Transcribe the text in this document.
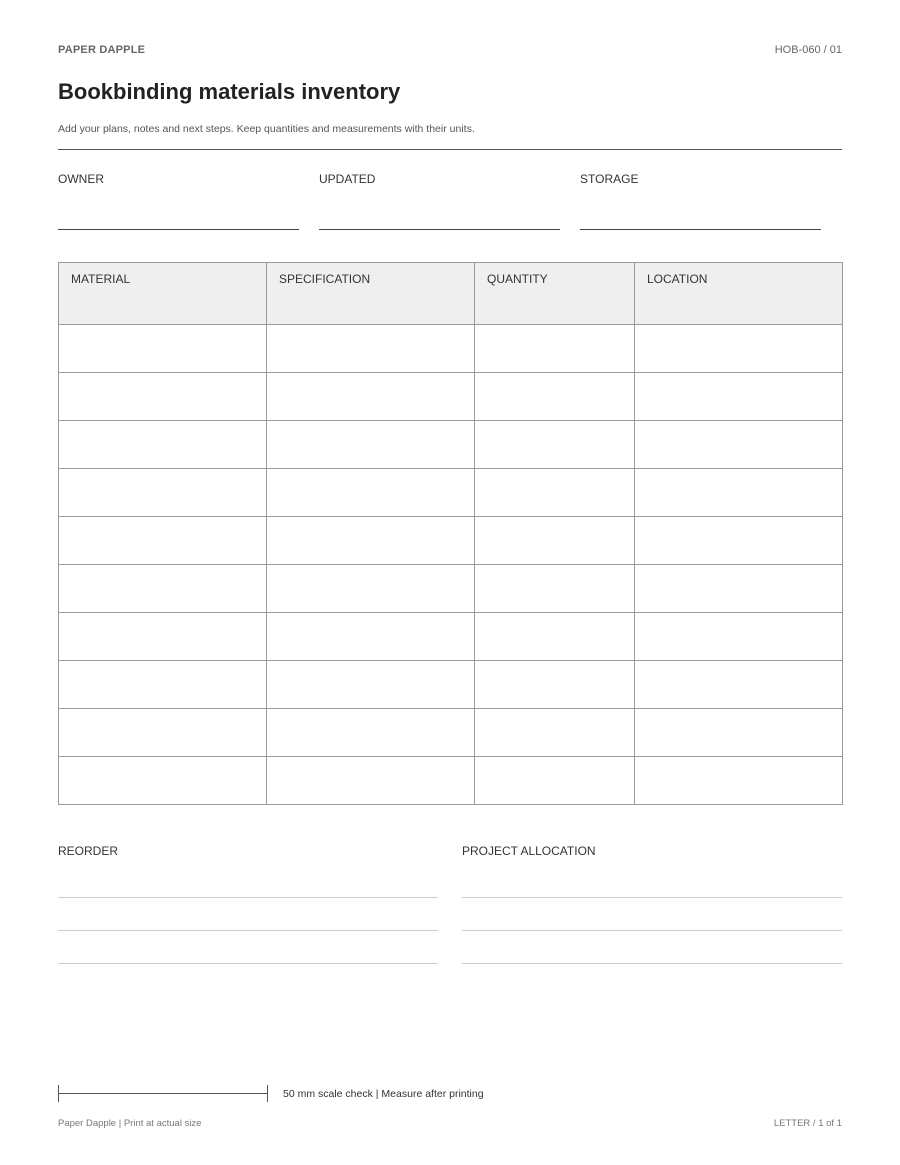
PAPER DAPPLE	HOB-060 / 01
Bookbinding materials inventory
Add your plans, notes and next steps. Keep quantities and measurements with their units.
OWNER	UPDATED	STORAGE
MATERIAL	SPECIFICATION	QUANTITY	LOCATION

REORDER	PROJECT ALLOCATION
50 mm scale check | Measure after printing
Paper Dapple | Print at actual size	LETTER / 1 of 1
